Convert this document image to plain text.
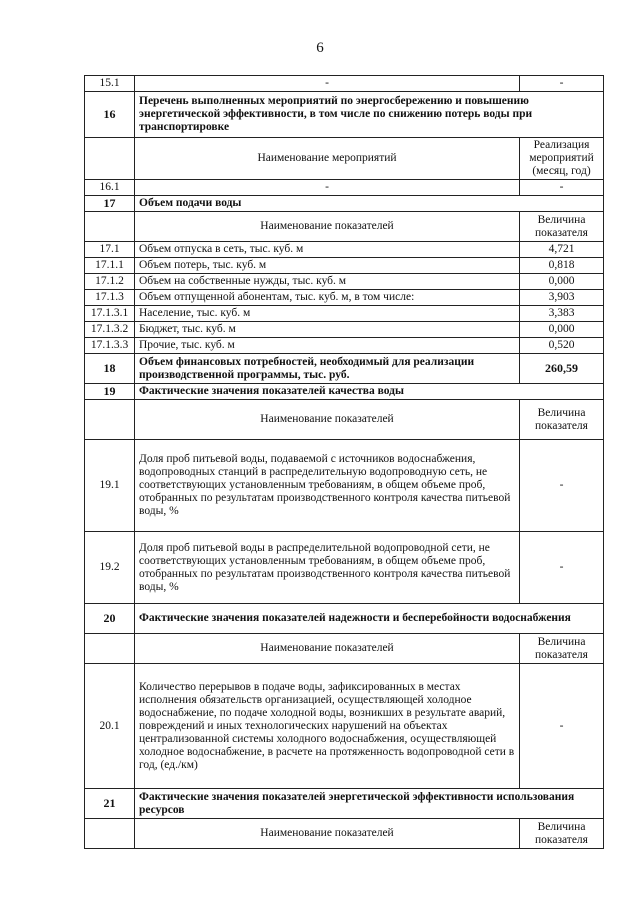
6
15.1	-	-
16	Перечень выполненных мероприятий по энергосбережению и повышению энергетической эффективности, в том числе по снижению потерь воды при транспортировке	
	Наименование мероприятий	Реализация мероприятий (месяц, год)
16.1	-	-
17	Объем подачи воды	
	Наименование показателей	Величина показателя
17.1	Объем отпуска в сеть, тыс. куб. м	4,721
17.1.1	Объем потерь, тыс. куб. м	0,818
17.1.2	Объем на собственные нужды, тыс. куб. м	0,000
17.1.3	Объем отпущенной абонентам, тыс. куб. м, в том числе:	3,903
17.1.3.1	Население, тыс. куб. м	3,383
17.1.3.2	Бюджет, тыс. куб. м	0,000
17.1.3.3	Прочие, тыс. куб. м	0,520
18	Объем финансовых потребностей, необходимый для реализации производственной программы, тыс. руб.	260,59
19	Фактические значения показателей качества воды	
	Наименование показателей	Величина показателя
19.1	Доля проб питьевой воды, подаваемой с источников водоснабжения, водопроводных станций в распределительную водопроводную сеть, не соответствующих установленным требованиям, в общем объеме проб, отобранных по результатам производственного контроля качества питьевой воды, %	-
19.2	Доля проб питьевой воды в распределительной водопроводной сети, не соответствующих установленным требованиям, в общем объеме проб, отобранных по результатам производственного контроля качества питьевой воды, %	-
20	Фактические значения показателей надежности и бесперебойности водоснабжения	
	Наименование показателей	Величина показателя
20.1	Количество перерывов в подаче воды, зафиксированных в местах исполнения обязательств организацией, осуществляющей холодное водоснабжение, по подаче холодной воды, возникших в результате аварий, повреждений и иных технологических нарушений на объектах централизованной системы холодного водоснабжения, осуществляющей холодное водоснабжение, в расчете на протяженность водопроводной сети в год, (ед./км)	-
21	Фактические значения показателей энергетической эффективности использования ресурсов	
	Наименование показателей	Величина показателя
